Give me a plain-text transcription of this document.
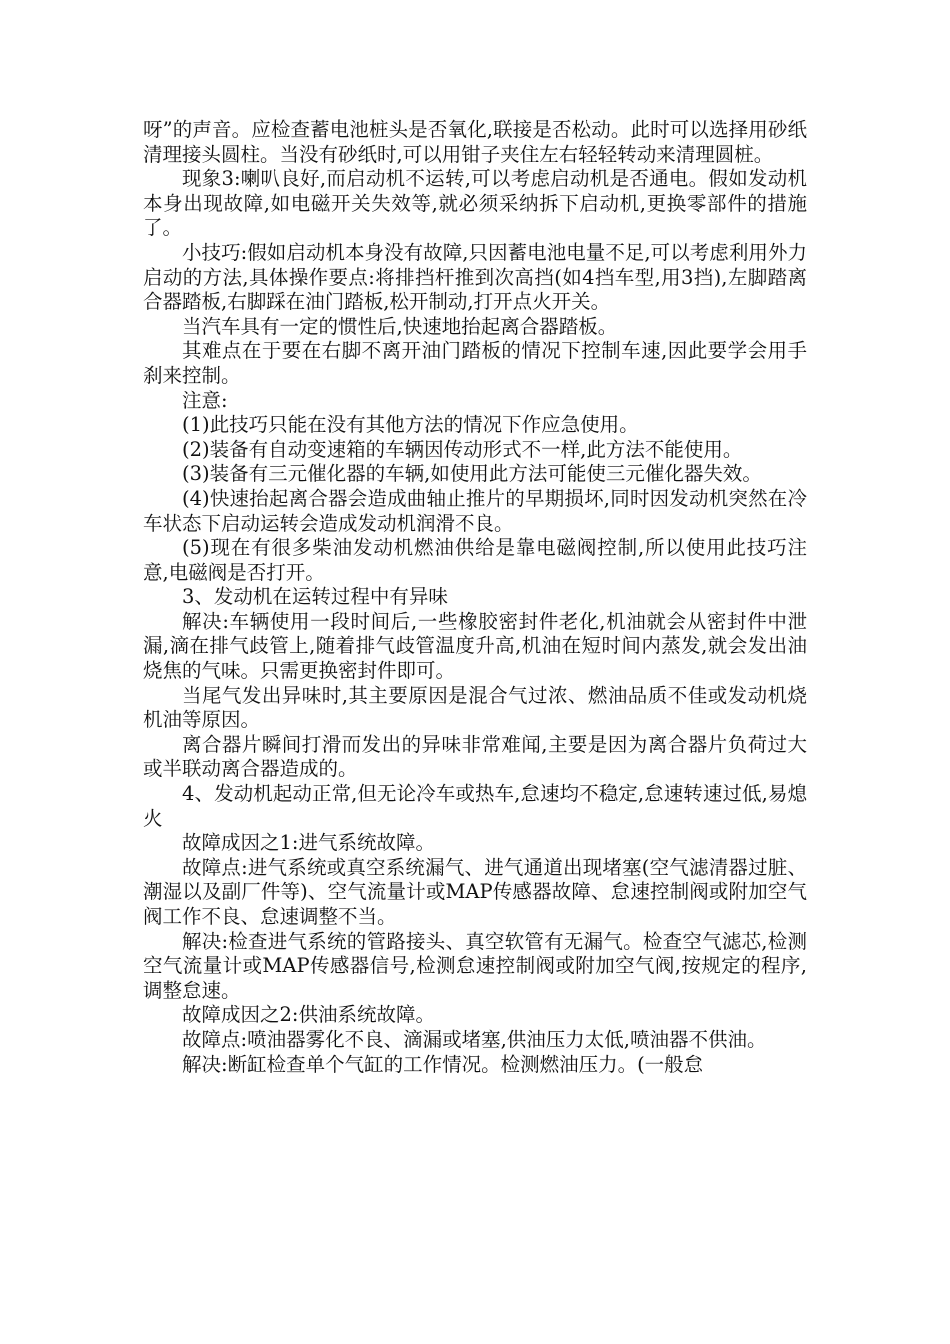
呀”的声音。应检查蓄电池桩头是否氧化,联接是否松动。此时可以选择用砂纸清理接头圆柱。当没有砂纸时,可以用钳子夹住左右轻轻转动来清理圆桩。

现象3:喇叭良好,而启动机不运转,可以考虑启动机是否通电。假如发动机本身出现故障,如电磁开关失效等,就必须采纳拆下启动机,更换零部件的措施了。

小技巧:假如启动机本身没有故障,只因蓄电池电量不足,可以考虑利用外力启动的方法,具体操作要点:将排挡杆推到次高挡(如4挡车型,用3挡),左脚踏离合器踏板,右脚踩在油门踏板,松开制动,打开点火开关。

当汽车具有一定的惯性后,快速地抬起离合器踏板。

其难点在于要在右脚不离开油门踏板的情况下控制车速,因此要学会用手刹来控制。

注意:

(1)此技巧只能在没有其他方法的情况下作应急使用。

(2)装备有自动变速箱的车辆因传动形式不一样,此方法不能使用。

(3)装备有三元催化器的车辆,如使用此方法可能使三元催化器失效。

(4)快速抬起离合器会造成曲轴止推片的早期损坏,同时因发动机突然在冷车状态下启动运转会造成发动机润滑不良。

(5)现在有很多柴油发动机燃油供给是靠电磁阀控制,所以使用此技巧注意,电磁阀是否打开。

3、发动机在运转过程中有异味

解决:车辆使用一段时间后,一些橡胶密封件老化,机油就会从密封件中泄漏,滴在排气歧管上,随着排气歧管温度升高,机油在短时间内蒸发,就会发出油烧焦的气味。只需更换密封件即可。

当尾气发出异味时,其主要原因是混合气过浓、燃油品质不佳或发动机烧机油等原因。

离合器片瞬间打滑而发出的异味非常难闻,主要是因为离合器片负荷过大或半联动离合器造成的。

4、发动机起动正常,但无论冷车或热车,怠速均不稳定,怠速转速过低,易熄火

故障成因之1:进气系统故障。

故障点:进气系统或真空系统漏气、进气通道出现堵塞(空气滤清器过脏、潮湿以及副厂件等)、空气流量计或MAP传感器故障、怠速控制阀或附加空气阀工作不良、怠速调整不当。

解决:检查进气系统的管路接头、真空软管有无漏气。检查空气滤芯,检测空气流量计或MAP传感器信号,检测怠速控制阀或附加空气阀,按规定的程序,调整怠速。

故障成因之2:供油系统故障。

故障点:喷油器雾化不良、滴漏或堵塞,供油压力太低,喷油器不供油。

解决:断缸检查单个气缸的工作情况。检测燃油压力。(一般怠
